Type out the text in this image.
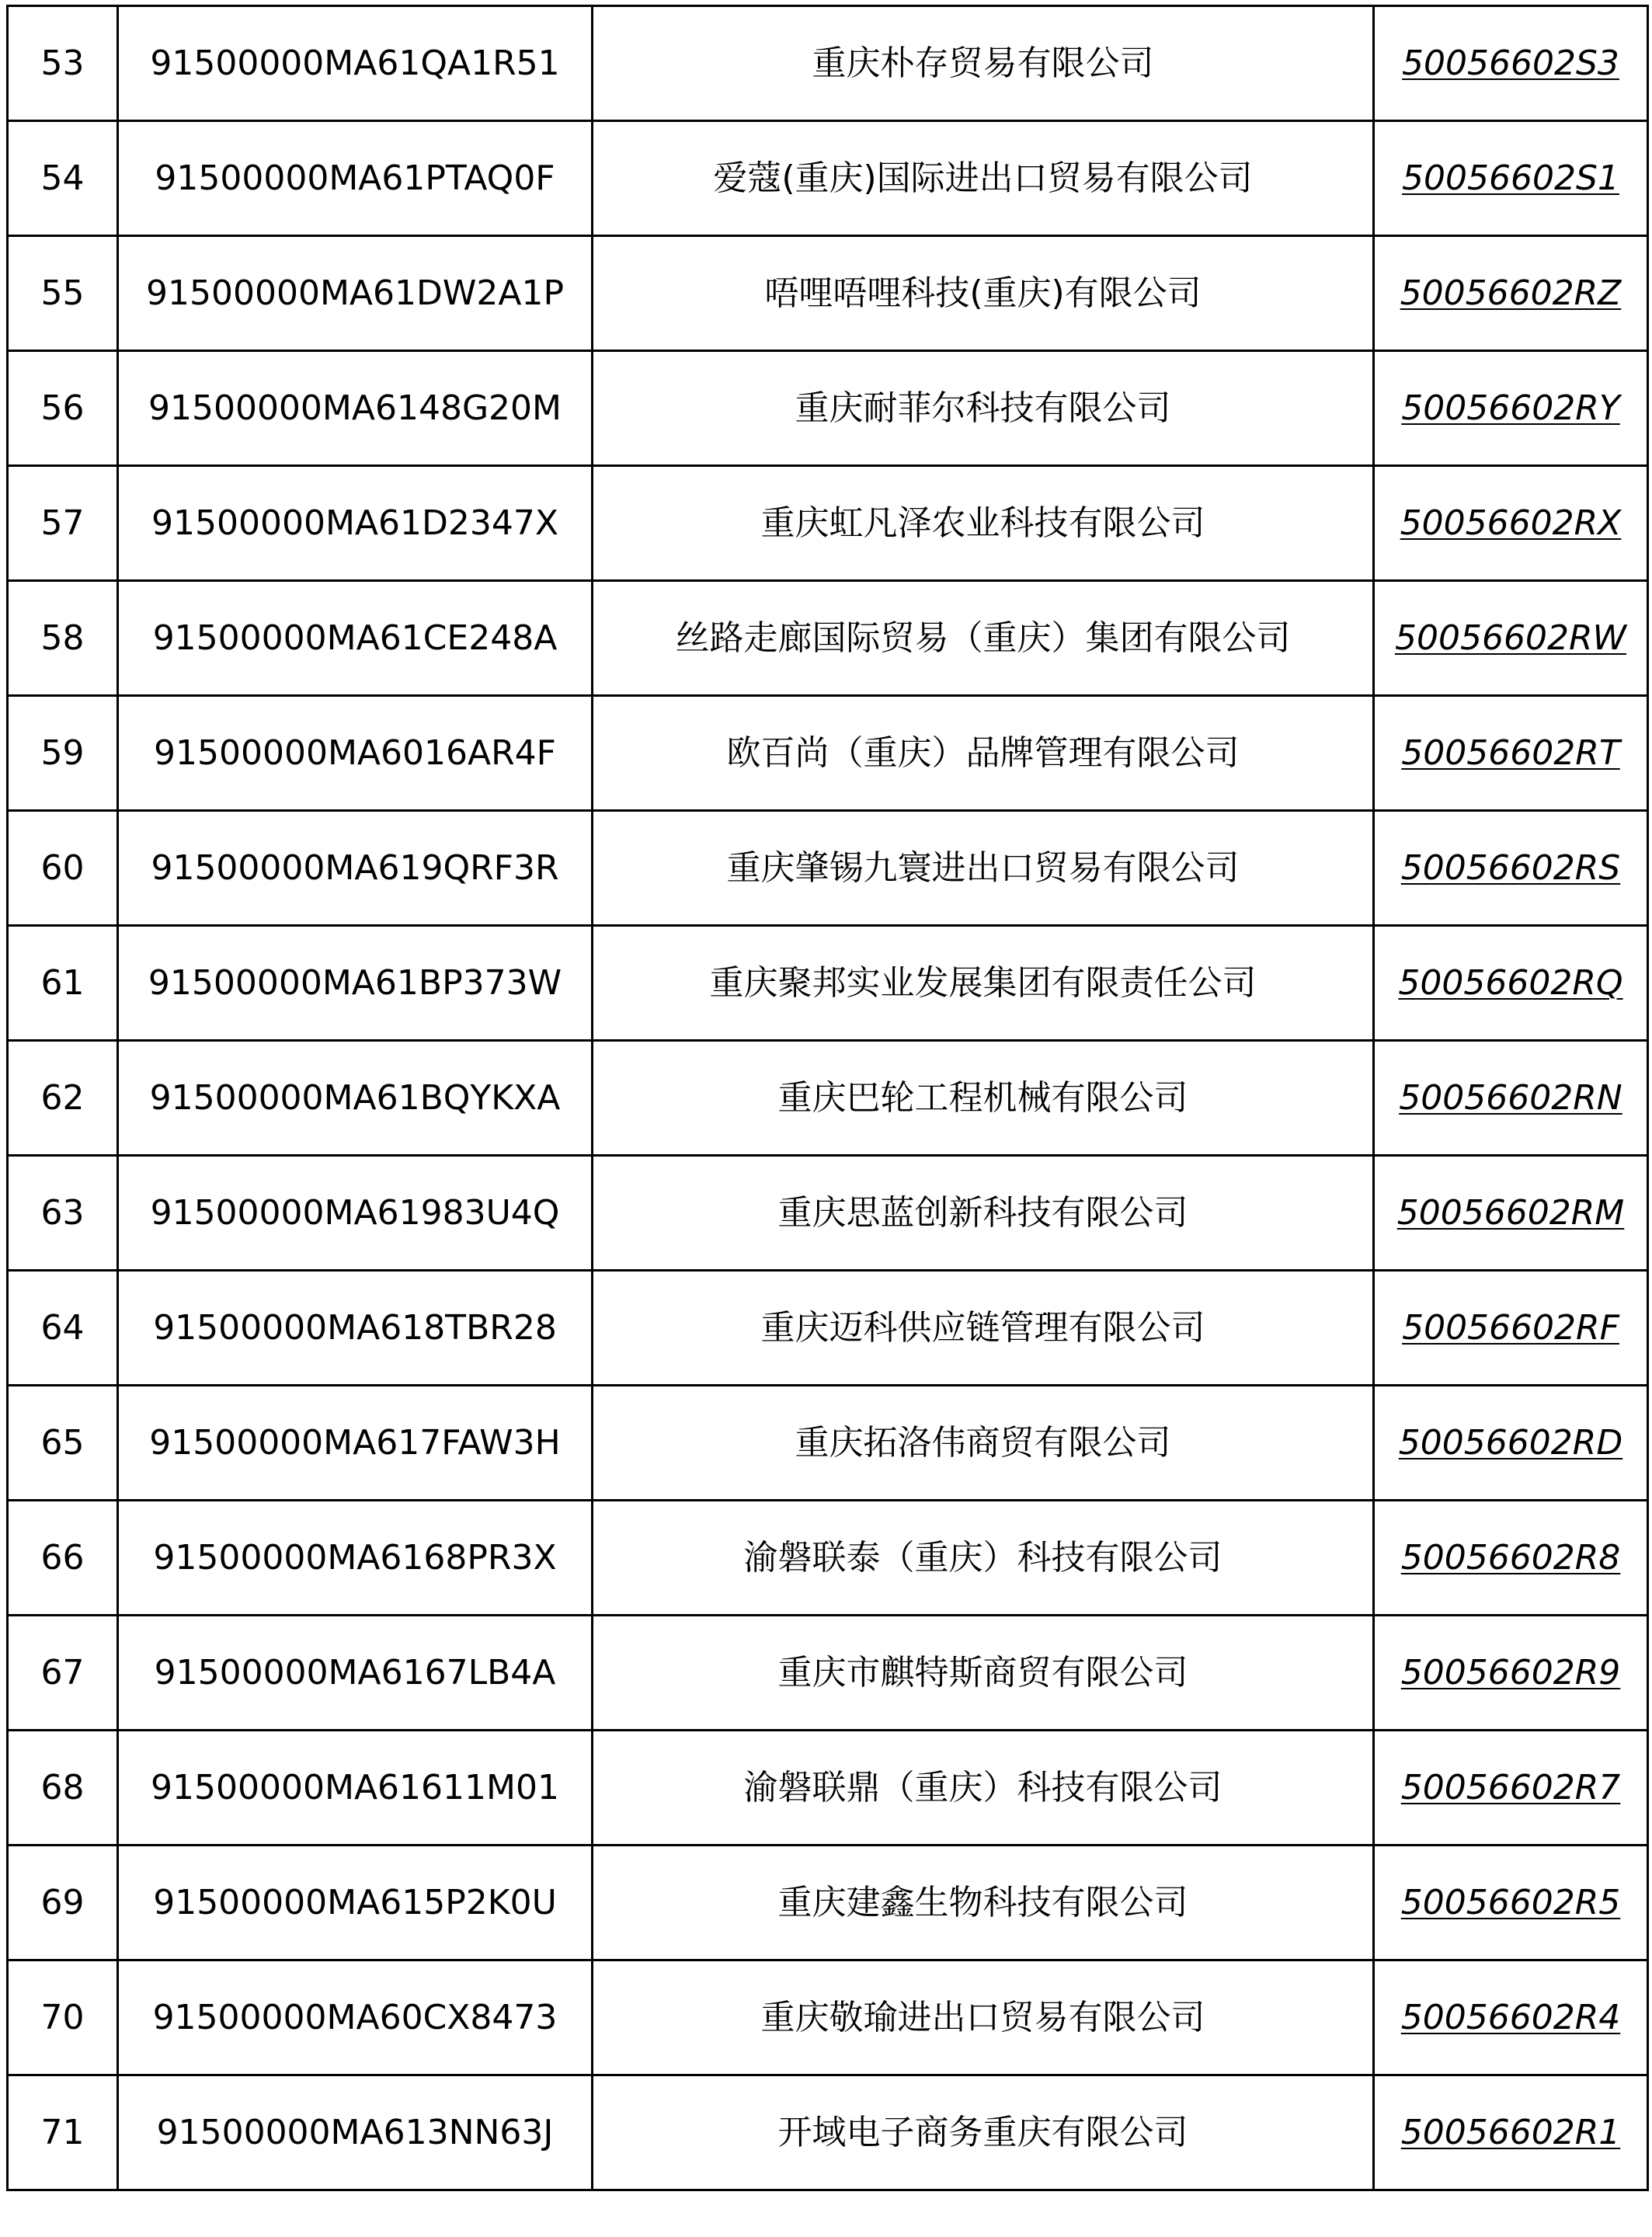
53	91500000MA61QA1R51	重庆朴存贸易有限公司	50056602S3
54	91500000MA61PTAQ0F	爱蔻(重庆)国际进出口贸易有限公司	50056602S1
55	91500000MA61DW2A1P	唔哩唔哩科技(重庆)有限公司	50056602RZ
56	91500000MA6148G20M	重庆耐菲尔科技有限公司	50056602RY
57	91500000MA61D2347X	重庆虹凡泽农业科技有限公司	50056602RX
58	91500000MA61CE248A	丝路走廊国际贸易（重庆）集团有限公司	50056602RW
59	91500000MA6016AR4F	欧百尚（重庆）品牌管理有限公司	50056602RT
60	91500000MA619QRF3R	重庆肇锡九寰进出口贸易有限公司	50056602RS
61	91500000MA61BP373W	重庆聚邦实业发展集团有限责任公司	50056602RQ
62	91500000MA61BQYKXA	重庆巴轮工程机械有限公司	50056602RN
63	91500000MA61983U4Q	重庆思蓝创新科技有限公司	50056602RM
64	91500000MA618TBR28	重庆迈科供应链管理有限公司	50056602RF
65	91500000MA617FAW3H	重庆拓洛伟商贸有限公司	50056602RD
66	91500000MA6168PR3X	渝磐联泰（重庆）科技有限公司	50056602R8
67	91500000MA6167LB4A	重庆市麒特斯商贸有限公司	50056602R9
68	91500000MA61611M01	渝磐联鼎（重庆）科技有限公司	50056602R7
69	91500000MA615P2K0U	重庆建鑫生物科技有限公司	50056602R5
70	91500000MA60CX8473	重庆敬瑜进出口贸易有限公司	50056602R4
71	91500000MA613NN63J	开域电子商务重庆有限公司	50056602R1
